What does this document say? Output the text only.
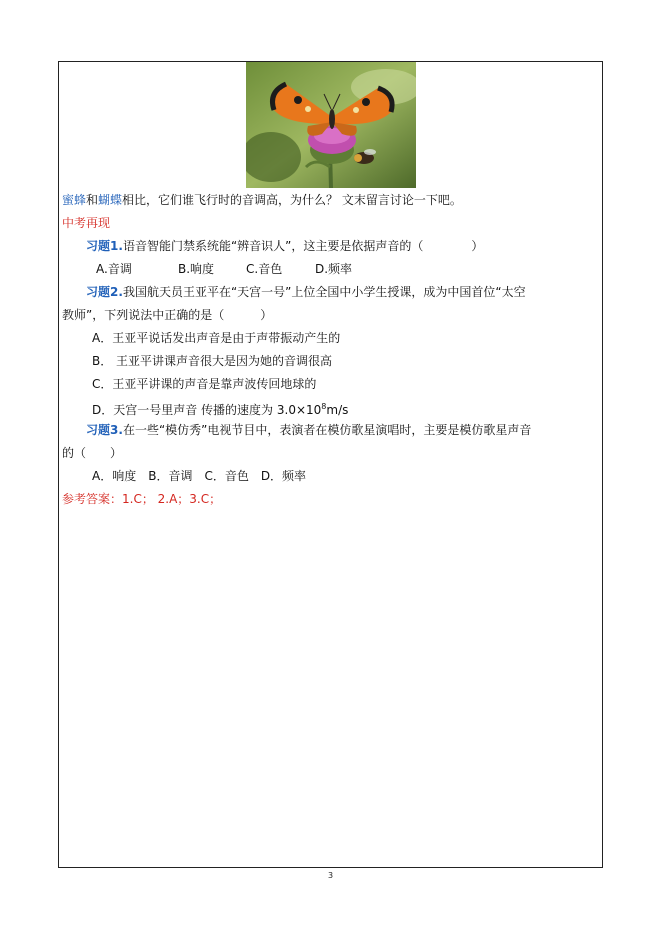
蜜蜂和蝴蝶相比，它们谁飞行时的音调高，为什么？ 文末留言讨论一下吧。
中考再现
习题1.语音智能门禁系统能“辨音识人”，这主要是依据声音的（　　　　）
A.音调	B.响度	C.音色	D.频率
习题2.我国航天员王亚平在“天宫一号”上位全国中小学生授课，成为中国首位“太空
教师”，下列说法中正确的是（　　　）
A．王亚平说话发出声音是由于声带振动产生的
B． 王亚平讲课声音很大是因为她的音调很高
C．王亚平讲课的声音是靠声波传回地球的
D．天宫一号里声音 传播的速度为 $3.0\times 10^8m/s$
习题3.在一些“模仿秀”电视节目中，表演者在模仿歌星演唱时，主要是模仿歌星声音
的（　　）
A．响度　B．音调　C．音色　D．频率
参考答案：1.C； 2.A；3.C；
3
